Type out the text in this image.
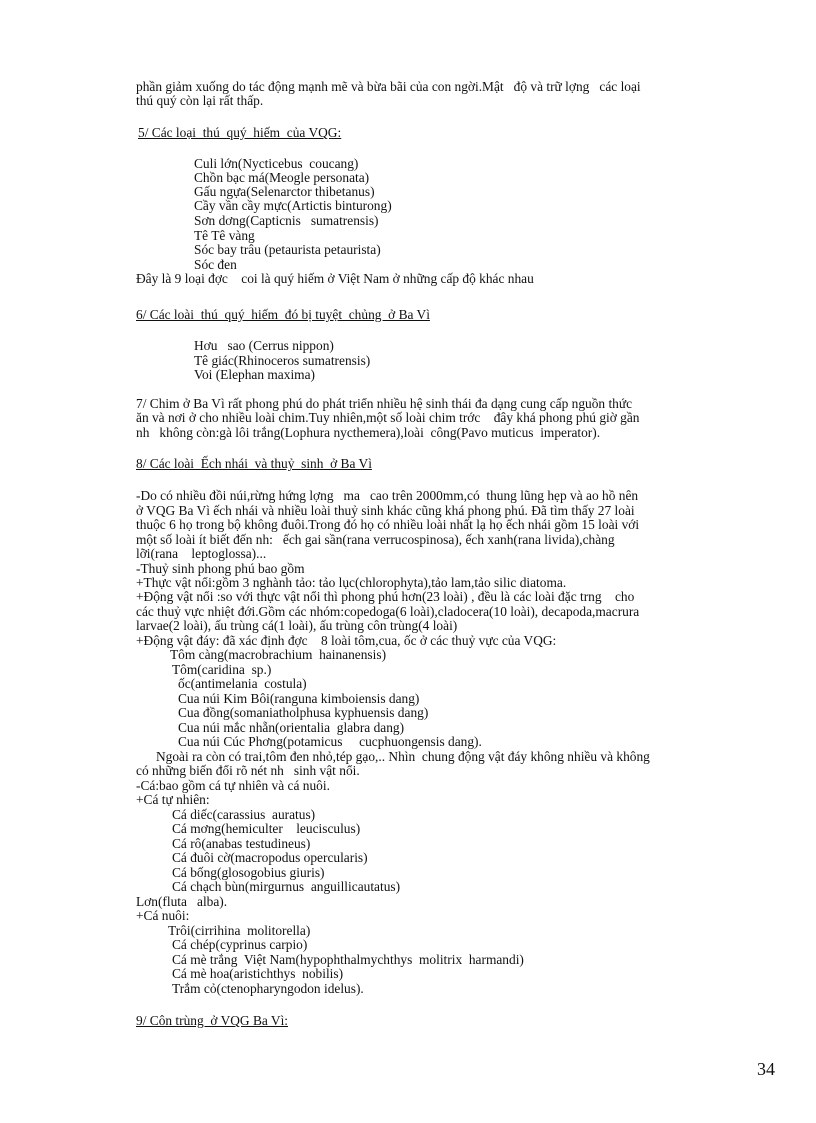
phần giảm xuống do tác động mạnh mẽ và bừa bãi của con ngời.Mật   độ và trữ lợng   các loại
thú quý còn lại rất thấp.
5/ Các loại  thú  quý  hiếm  của VQG:
Culi lớn(Nycticebus  coucang)
Chồn bạc má(Meogle personata)
Gấu ngựa(Selenarctor thibetanus)
Cầy vần cầy mực(Artictis binturong)
Sơn dơng(Capticnis   sumatrensis)
Tê Tê vàng
Sóc bay trâu (petaurista petaurista)
Sóc đen
Đây là 9 loại đợc    coi là quý hiếm ở Việt Nam ở những cấp độ khác nhau
6/ Các loài  thú  quý  hiếm  đó bị tuyệt  chủng  ở Ba Vì
Hơu   sao (Cerrus nippon)
Tê giác(Rhinoceros sumatrensis)
Voi (Elephan maxima)
7/ Chim ở Ba Vì rất phong phú do phát triển nhiều hệ sinh thái đa dạng cung cấp nguồn thức
ăn và nơi ở cho nhiều loài chim.Tuy nhiên,một số loài chim trớc    đây khá phong phú giờ gần
nh   không còn:gà lôi trắng(Lophura nycthemera),loài  công(Pavo muticus  imperator).
8/ Các loài  Ếch nhái  và thuỷ  sinh  ở Ba Vì
-Do có nhiều đồi núi,rừng hứng lợng   ma   cao trên 2000mm,có  thung lũng hẹp và ao hồ nên
ở VQG Ba Vì ếch nhái và nhiều loài thuỷ sinh khác cũng khá phong phú. Đã tìm thấy 27 loài
thuộc 6 họ trong bộ không đuôi.Trong đó họ có nhiều loài nhất lạ họ ếch nhái gồm 15 loài với
một số loài ít biết đến nh:   ếch gai sần(rana verrucospinosa), ếch xanh(rana livida),chàng
lỡi(rana    leptoglossa)...
-Thuỷ sinh phong phú bao gồm
+Thực vật nổi:gồm 3 nghành tảo: tảo lục(chlorophyta),tảo lam,tảo silic diatoma.
+Động vật nổi :so với thực vật nổi thì phong phú hơn(23 loài) , đều là các loài đặc trng    cho
các thuỷ vực nhiệt đới.Gồm các nhóm:copedoga(6 loài),cladocera(10 loài), decapoda,macrura
larvae(2 loài), ấu trùng cá(1 loài), ấu trùng côn trùng(4 loài)
+Động vật đáy: đã xác định đợc    8 loài tôm,cua, ốc ở các thuỷ vực của VQG:
Tôm càng(macrobrachium  hainanensis)
Tôm(caridina  sp.)
ốc(antimelania  costula)
Cua núi Kim Bôi(ranguna kimboiensis dang)
Cua đồng(somaniatholphusa kyphuensis dang)
Cua núi mắc nhẵn(orientalia  glabra dang)
Cua núi Cúc Phơng(potamicus     cucphuongensis dang).
Ngoài ra còn có trai,tôm đen nhỏ,tép gạo,.. Nhìn  chung động vật đáy không nhiều và không
có những biến đổi rõ nét nh   sinh vật nổi.
-Cá:bao gồm cá tự nhiên và cá nuôi.
+Cá tự nhiên:
Cá diếc(carassius  auratus)
Cá mơng(hemiculter    leucisculus)
Cá rô(anabas testudineus)
Cá đuôi cờ(macropodus opercularis)
Cá bống(glosogobius giuris)
Cá chạch bùn(mirgurnus  anguillicautatus)
Lơn(fluta   alba).
+Cá nuôi:
Trôi(cirrihina  molitorella)
Cá chép(cyprinus carpio)
Cá mè trắng  Việt Nam(hypophthalmychthys  molitrix  harmandi)
Cá mè hoa(aristichthys  nobilis)
Trắm cỏ(ctenopharyngodon idelus).
9/ Côn trùng  ở VQG Ba Vì:
34
